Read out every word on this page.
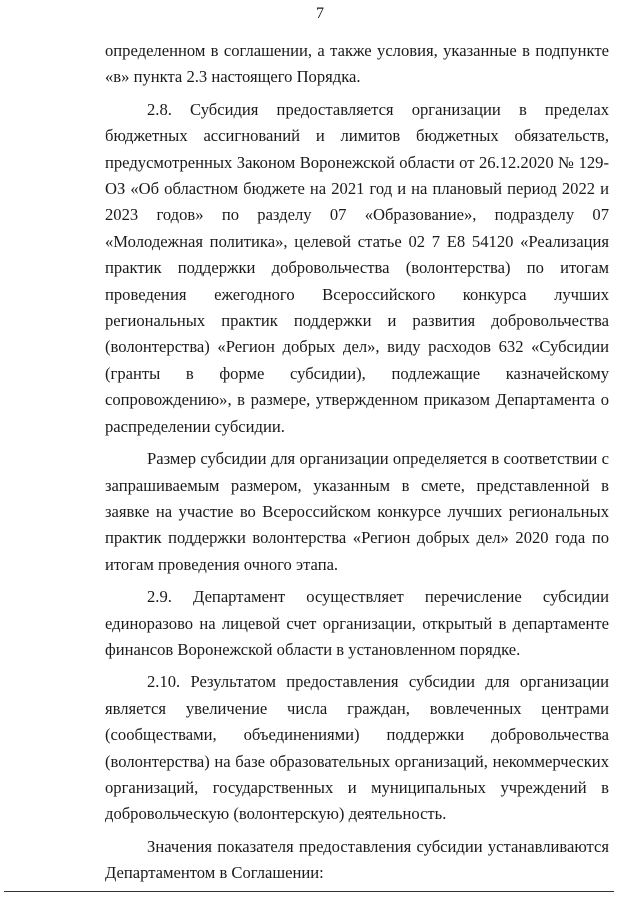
7

определенном в соглашении, а также условия, указанные в подпункте «в» пункта 2.3 настоящего Порядка.

2.8. Субсидия предоставляется организации в пределах бюджетных ассигнований и лимитов бюджетных обязательств, предусмотренных Законом Воронежской области от 26.12.2020 № 129-ОЗ «Об областном бюджете на 2021 год и на плановый период 2022 и 2023 годов» по разделу 07 «Образование», подразделу 07 «Молодежная политика», целевой статье 02 7 Е8 54120 «Реализация практик поддержки добровольчества (волонтерства) по итогам проведения ежегодного Всероссийского конкурса лучших региональных практик поддержки и развития добровольчества (волонтерства) «Регион добрых дел», виду расходов 632 «Субсидии (гранты в форме субсидии), подлежащие казначейскому сопровождению», в размере, утвержденном приказом Департамента о распределении субсидии.

Размер субсидии для организации определяется в соответствии с запрашиваемым размером, указанным в смете, представленной в заявке на участие во Всероссийском конкурсе лучших региональных практик поддержки волонтерства «Регион добрых дел» 2020 года по итогам проведения очного этапа.

2.9. Департамент осуществляет перечисление субсидии единоразово на лицевой счет организации, открытый в департаменте финансов Воронежской области в установленном порядке.

2.10. Результатом предоставления субсидии для организации является увеличение числа граждан, вовлеченных центрами (сообществами, объединениями) поддержки добровольчества (волонтерства) на базе образовательных организаций, некоммерческих организаций, государственных и муниципальных учреждений в добровольческую (волонтерскую) деятельность.

Значения показателя предоставления субсидии устанавливаются Департаментом в Соглашении:
